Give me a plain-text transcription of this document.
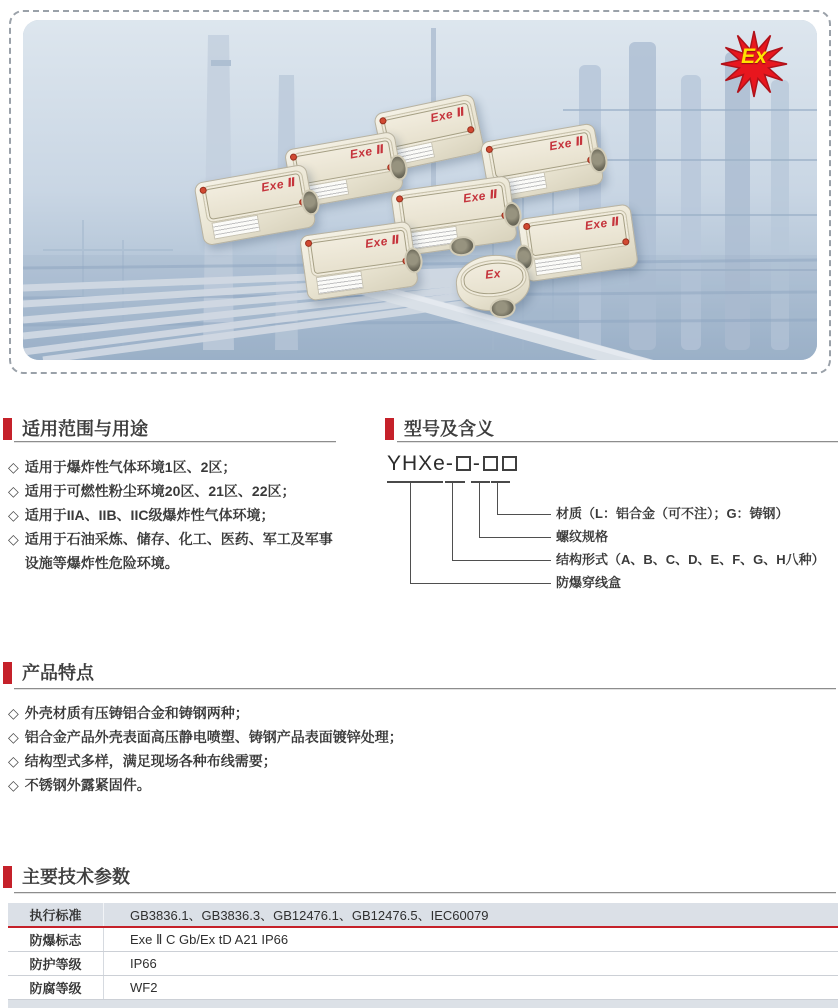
Ex
Exe Ⅱ
Exe Ⅱ
Exe Ⅱ
Exe Ⅱ
Exe Ⅱ
Exe Ⅱ
Exe Ⅱ
Ex
适用范围与用途
◇ 适用于爆炸性气体环境1区、2区；
◇ 适用于可燃性粉尘环境20区、21区、22区；
◇ 适用于IIA、IIB、IIC级爆炸性气体环境；
◇ 适用于石油采炼、储存、化工、医药、军工及军事设施等爆炸性危险环境。
型号及含义
YHXe- -
材质（L：铝合金（可不注）；G：铸钢）
螺纹规格
结构形式（A、B、C、D、E、F、G、H八种）
防爆穿线盒
产品特点
◇ 外壳材质有压铸铝合金和铸钢两种；
◇ 铝合金产品外壳表面高压静电喷塑、铸钢产品表面镀锌处理；
◇ 结构型式多样，满足现场各种布线需要；
◇ 不锈钢外露紧固件。
主要技术参数
执行标准	GB3836.1、GB3836.3、GB12476.1、GB12476.5、IEC60079
防爆标志	Exe Ⅱ C Gb/Ex tD A21 IP66
防护等级	IP66
防腐等级	WF2
